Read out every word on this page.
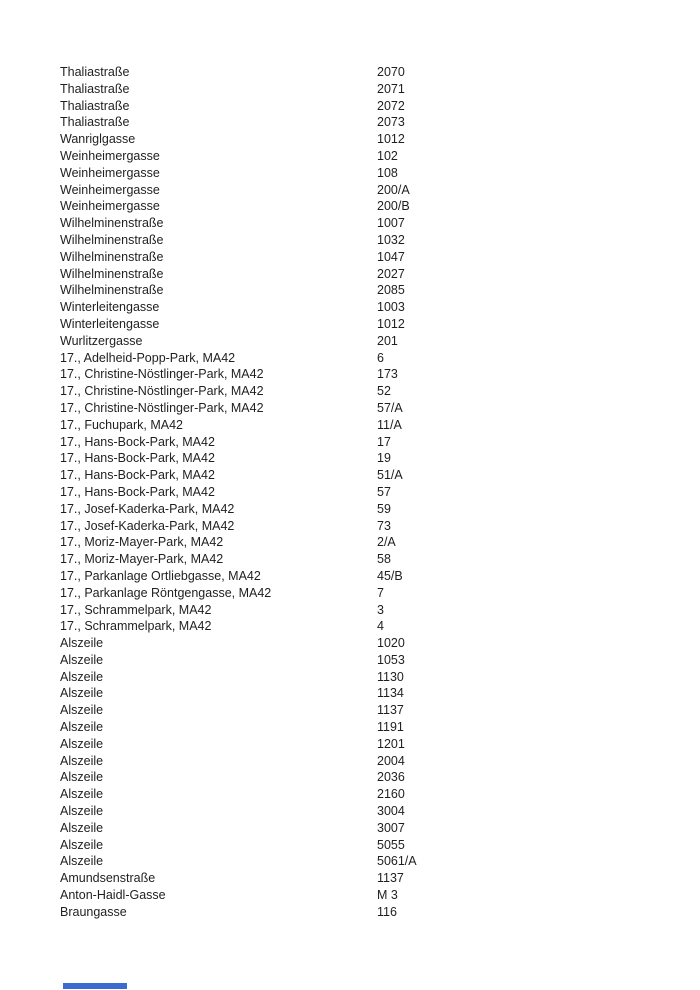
Thaliastraße	2070
Thaliastraße	2071
Thaliastraße	2072
Thaliastraße	2073
Wanriglgasse	1012
Weinheimergasse	102
Weinheimergasse	108
Weinheimergasse	200/A
Weinheimergasse	200/B
Wilhelminenstraße	1007
Wilhelminenstraße	1032
Wilhelminenstraße	1047
Wilhelminenstraße	2027
Wilhelminenstraße	2085
Winterleitengasse	1003
Winterleitengasse	1012
Wurlitzergasse	201
17., Adelheid-Popp-Park, MA42	6
17., Christine-Nöstlinger-Park, MA42	173
17., Christine-Nöstlinger-Park, MA42	52
17., Christine-Nöstlinger-Park, MA42	57/A
17., Fuchupark, MA42	11/A
17., Hans-Bock-Park, MA42	17
17., Hans-Bock-Park, MA42	19
17., Hans-Bock-Park, MA42	51/A
17., Hans-Bock-Park, MA42	57
17., Josef-Kaderka-Park, MA42	59
17., Josef-Kaderka-Park, MA42	73
17., Moriz-Mayer-Park, MA42	2/A
17., Moriz-Mayer-Park, MA42	58
17., Parkanlage Ortliebgasse, MA42	45/B
17., Parkanlage Röntgengasse, MA42	7
17., Schrammelpark, MA42	3
17., Schrammelpark, MA42	4
Alszeile	1020
Alszeile	1053
Alszeile	1130
Alszeile	1134
Alszeile	1137
Alszeile	1191
Alszeile	1201
Alszeile	2004
Alszeile	2036
Alszeile	2160
Alszeile	3004
Alszeile	3007
Alszeile	5055
Alszeile	5061/A
Amundsenstraße	1137
Anton-Haidl-Gasse	M 3
Braungasse	116
